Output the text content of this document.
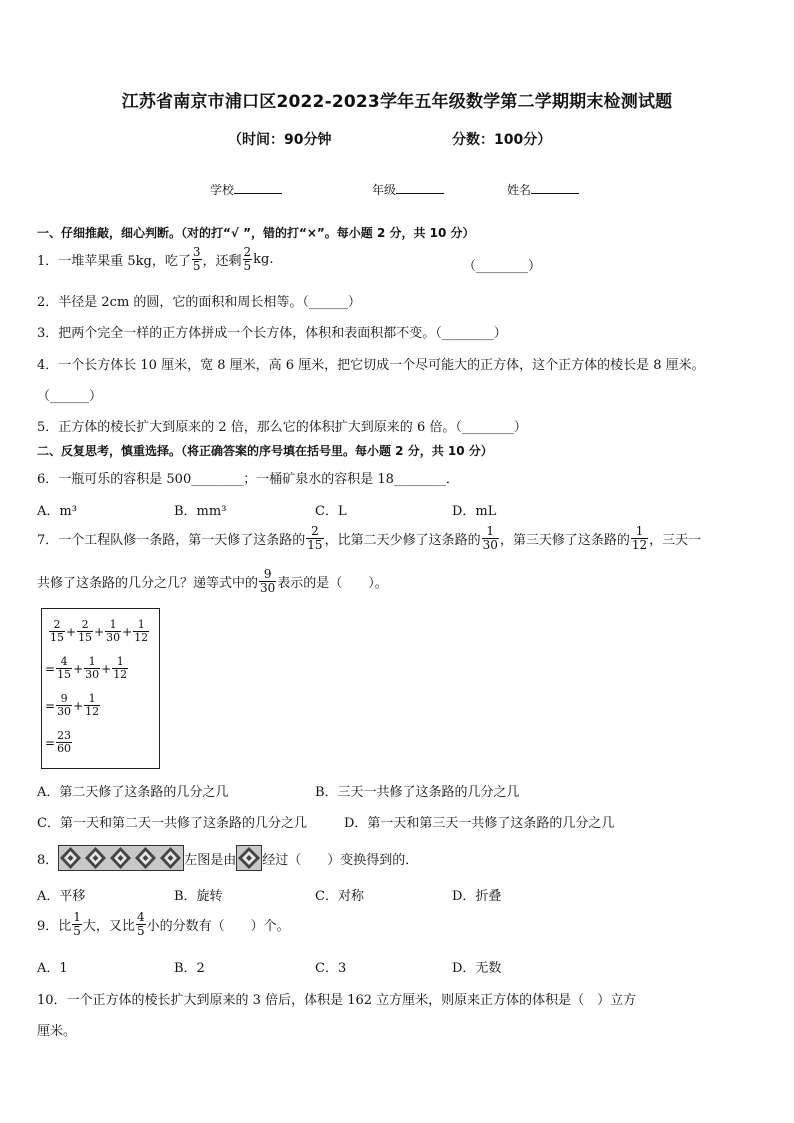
江苏省南京市浦口区2022-2023学年五年级数学第二学期期末检测试题
（时间：90分钟	分数：100分）
学校	年级	姓名
一、仔细推敲，细心判断。（对的打“√ ”，错的打“×”。每小题 2 分，共 10 分）
1．一堆苹果重 5kg，吃了 $\frac{3}{5}$ ，还剩 $\frac{2}{5}$ kg.	（________）
2．半径是 2cm 的圆，它的面积和周长相等。（______）
3．把两个完全一样的正方体拼成一个长方体，体积和表面积都不变。（________）
4．一个长方体长 10 厘米，宽 8 厘米，高 6 厘米，把它切成一个尽可能大的正方体，这个正方体的棱长是 8 厘米。
（______）
5．正方体的棱长扩大到原来的 2 倍，那么它的体积扩大到原来的 6 倍。（________）
二、反复思考，慎重选择。（将正确答案的序号填在括号里。每小题 2 分，共 10 分）
6．一瓶可乐的容积是 500________；一桶矿泉水的容积是 18________．
A．m³	B．mm³	C．L	D．mL
7．一个工程队修一条路，第一天修了这条路的 $\frac{2}{15}$ ，比第二天少修了这条路的 $\frac{1}{30}$ ，第三天修了这条路的 $\frac{1}{12}$ ，三天一
共修了这条路的几分之几？递等式中的 $\frac{9}{30}$ 表示的是（　　）。
$\frac{2}{15} + \frac{2}{15} + \frac{1}{30} + \frac{1}{12}$
= $\frac{4}{15} + \frac{1}{30} + \frac{1}{12}$
= $\frac{9}{30} + \frac{1}{12}$
= $\frac{23}{60}$
A．第二天修了这条路的几分之几	B．三天一共修了这条路的几分之几
C．第一天和第二天一共修了这条路的几分之几	D．第一天和第三天一共修了这条路的几分之几
8．	左图是由 经过（　　）变换得到的．
A．平移	B．旋转	C．对称	D．折叠
9．比 $\frac{1}{5}$ 大，又比 $\frac{4}{5}$ 小的分数有（　　）个。
A．1	B．2	C．3	D．无数
10．一个正方体的棱长扩大到原来的 3 倍后，体积是 162 立方厘米，则原来正方体的体积是（　）立方
厘米。
